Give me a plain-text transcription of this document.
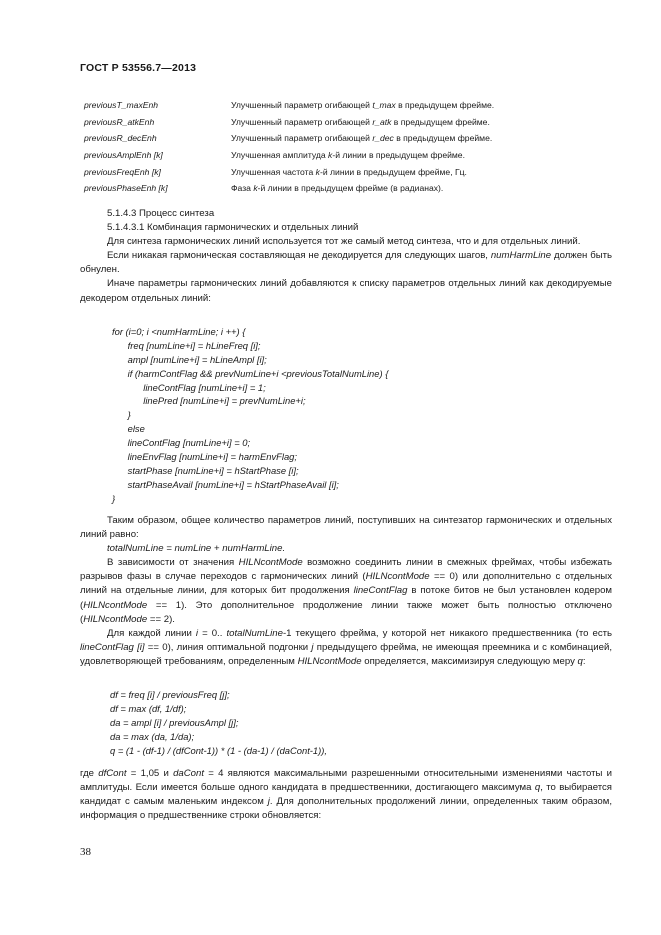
ГОСТ Р 53556.7—2013
previousT_maxEnh	Улучшенный параметр огибающей t_max в предыдущем фрейме.
previousR_atkEnh	Улучшенный параметр огибающей r_atk в предыдущем фрейме.
previousR_decEnh	Улучшенный параметр огибающей r_dec в предыдущем фрейме.
previousAmplEnh [k]	Улучшенная амплитуда k-й линии в предыдущем фрейме.
previousFreqEnh [k]	Улучшенная частота k-й линии в предыдущем фрейме, Гц.
previousPhaseEnh [k]	Фаза k-й линии в предыдущем фрейме (в радианах).

5.1.4.3 Процесс синтеза

5.1.4.3.1 Комбинация гармонических и отдельных линий

Для синтеза гармонических линий используется тот же самый метод синтеза, что и для отдельных линий.

Если никакая гармоническая составляющая не декодируется для следующих шагов, numHarmLine должен быть обнулен.

Иначе параметры гармонических линий добавляются к списку параметров отдельных линий как декодируемые декодером отдельных линий:

for (i=0; i <numHarmLine; i ++) {
freq [numLine+i] = hLineFreq [i];
ampl [numLine+i] = hLineAmpl [i];
if (harmContFlag && prevNumLine+i <previousTotalNumLine) {
lineContFlag [numLine+i] = 1;
linePred [numLine+i] = prevNumLine+i;
}
else
lineContFlag [numLine+i] = 0;
lineEnvFlag [numLine+i] = harmEnvFlag;
startPhase [numLine+i] = hStartPhase [i];
startPhaseAvail [numLine+i] = hStartPhaseAvail [i];
}

Таким образом, общее количество параметров линий, поступивших на синтезатор гармонических и отдельных линий равно:

totalNumLine = numLine + numHarmLine.

В зависимости от значения HILNcontMode возможно соединить линии в смежных фреймах, чтобы избежать разрывов фазы в случае переходов с гармонических линий (HILNcontMode == 0) или дополнительно с отдельных линий на отдельные линии, для которых бит продолжения lineContFlag в потоке битов не был установлен кодером (HILNcontMode == 1). Это дополнительное продолжение линии также может быть полностью отключено (HILNcontMode == 2).

Для каждой линии i = 0.. totalNumLine-1 текущего фрейма, у которой нет никакого предшественника (то есть lineContFlag [i] == 0), линия оптимальной подгонки j предыдущего фрейма, не имеющая преемника и с комбинацией, удовлетворяющей требованиям, определенным HILNcontMode определяется, максимизируя следующую меру q:

df = freq [i] / previousFreq [j];
df = max (df, 1/df);
da = ampl [i] / previousAmpl [j];
da = max (da, 1/da);
q = (1 - (df-1) / (dfCont-1)) * (1 - (da-1) / (daCont-1)),

где dfCont = 1,05 и daCont = 4 являются максимальными разрешенными относительными изменениями частоты и амплитуды. Если имеется больше одного кандидата в предшественники, достигающего максимума q, то выбирается кандидат с самым маленьким индексом j. Для дополнительных продолжений линии, определенных таким образом, информация о предшественнике строки обновляется:

38
